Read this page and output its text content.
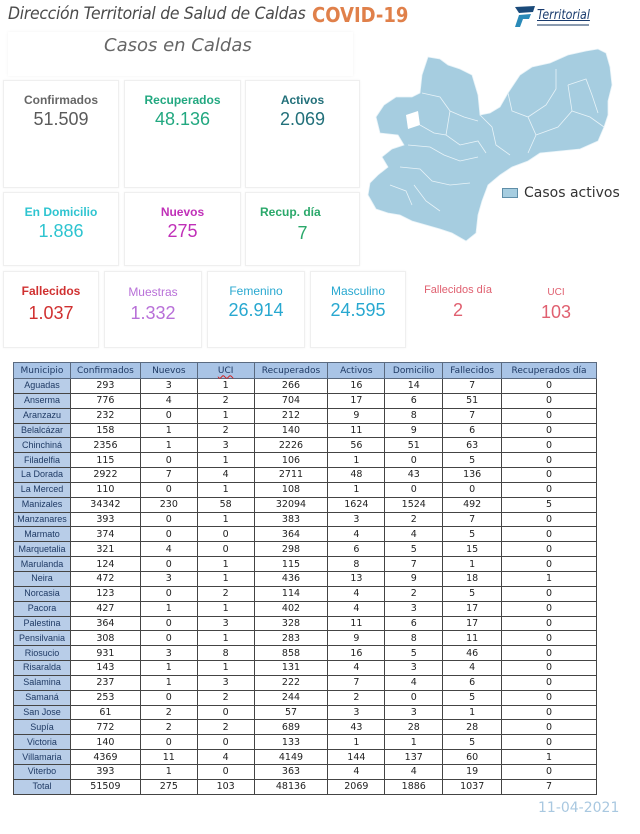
Dirección Territorial de Salud de Caldas COVID-19	Territorial
Casos en Caldas
Confirmados
51.509
Recuperados
48.136
Activos
2.069
En Domicilio
1.886
Nuevos
275
Recup. día
7
Fallecidos
1.037
Muestras
1.332
Femenino
26.914
Masculino
24.595
Fallecidos día
2
UCI
103
Casos activos
Municipio	Confirmados	Nuevos	UCI	Recuperados	Activos	Domicilio	Fallecidos	Recuperados día
Aguadas	293	3	1	266	16	14	7	0
Anserma	776	4	2	704	17	6	51	0
Aranzazu	232	0	1	212	9	8	7	0
Belalcázar	158	1	2	140	11	9	6	0
Chinchiná	2356	1	3	2226	56	51	63	0
Filadelfia	115	0	1	106	1	0	5	0
La Dorada	2922	7	4	2711	48	43	136	0
La Merced	110	0	1	108	1	0	0	0
Manizales	34342	230	58	32094	1624	1524	492	5
Manzanares	393	0	1	383	3	2	7	0
Marmato	374	0	0	364	4	4	5	0
Marquetalia	321	4	0	298	6	5	15	0
Marulanda	124	0	1	115	8	7	1	0
Neira	472	3	1	436	13	9	18	1
Norcasia	123	0	2	114	4	2	5	0
Pacora	427	1	1	402	4	3	17	0
Palestina	364	0	3	328	11	6	17	0
Pensilvania	308	0	1	283	9	8	11	0
Riosucio	931	3	8	858	16	5	46	0
Risaralda	143	1	1	131	4	3	4	0
Salamina	237	1	3	222	7	4	6	0
Samaná	253	0	2	244	2	0	5	0
San Jose	61	2	0	57	3	3	1	0
Supía	772	2	2	689	43	28	28	0
Victoria	140	0	0	133	1	1	5	0
Villamaria	4369	11	4	4149	144	137	60	1
Viterbo	393	1	0	363	4	4	19	0
Total	51509	275	103	48136	2069	1886	1037	7
11-04-2021
